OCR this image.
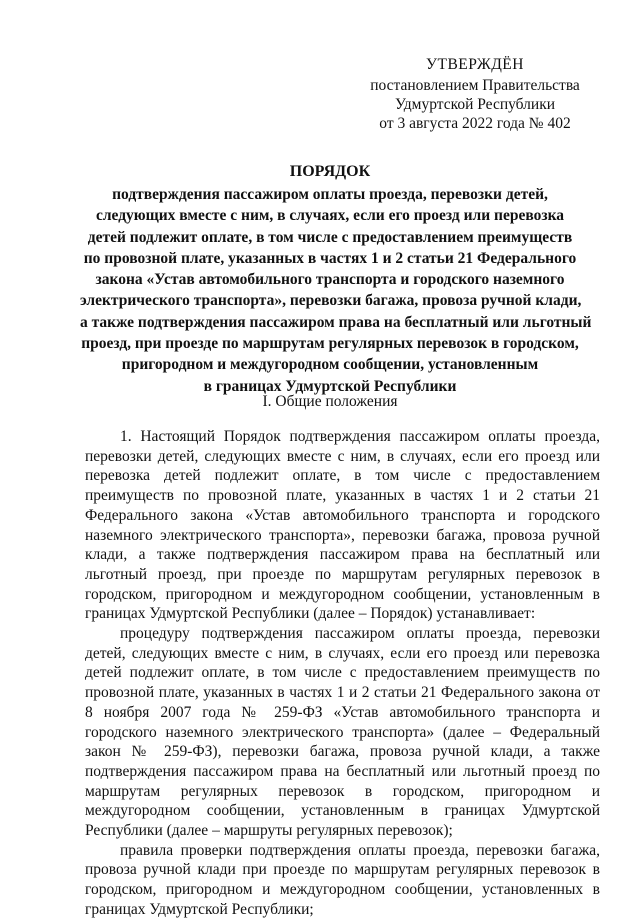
УТВЕРЖДЁН
постановлением Правительства
Удмуртской Республики
от 3 августа 2022 года № 402
ПОРЯДОК
подтверждения пассажиром оплаты проезда, перевозки детей,
следующих вместе с ним, в случаях, если его проезд или перевозка
детей подлежит оплате, в том числе с предоставлением преимуществ
по провозной плате, указанных в частях 1 и 2 статьи 21 Федерального
закона «Устав автомобильного транспорта и городского наземного
электрического транспорта», перевозки багажа, провоза ручной клади,
а также подтверждения пассажиром права на бесплатный или льготный
проезд, при проезде по маршрутам регулярных перевозок в городском,
пригородном и междугородном сообщении, установленным
в границах Удмуртской Республики
I. Общие положения

1. Настоящий Порядок подтверждения пассажиром оплаты проезда, перевозки детей, следующих вместе с ним, в случаях, если его проезд или перевозка детей подлежит оплате, в том числе с предоставлением преимуществ по провозной плате, указанных в частях 1 и 2 статьи 21 Федерального закона «Устав автомобильного транспорта и городского наземного электрического транспорта», перевозки багажа, провоза ручной клади, а также подтверждения пассажиром права на бесплатный или льготный проезд, при проезде по маршрутам регулярных перевозок в городском, пригородном и междугородном сообщении, установленным в границах Удмуртской Республики (далее – Порядок) устанавливает:

процедуру подтверждения пассажиром оплаты проезда, перевозки детей, следующих вместе с ним, в случаях, если его проезд или перевозка детей подлежит оплате, в том числе с предоставлением преимуществ по провозной плате, указанных в частях 1 и 2 статьи 21 Федерального закона от 8 ноября 2007 года № 259-ФЗ «Устав автомобильного транспорта и городского наземного электрического транспорта» (далее – Федеральный закон № 259-ФЗ), перевозки багажа, провоза ручной клади, а также подтверждения пассажиром права на бесплатный или льготный проезд по маршрутам регулярных перевозок в городском, пригородном и междугородном сообщении, установленным в границах Удмуртской Республики (далее – маршруты регулярных перевозок);

правила проверки подтверждения оплаты проезда, перевозки багажа, провоза ручной клади при проезде по маршрутам регулярных перевозок в городском, пригородном и междугородном сообщении, установленных в границах Удмуртской Республики;
